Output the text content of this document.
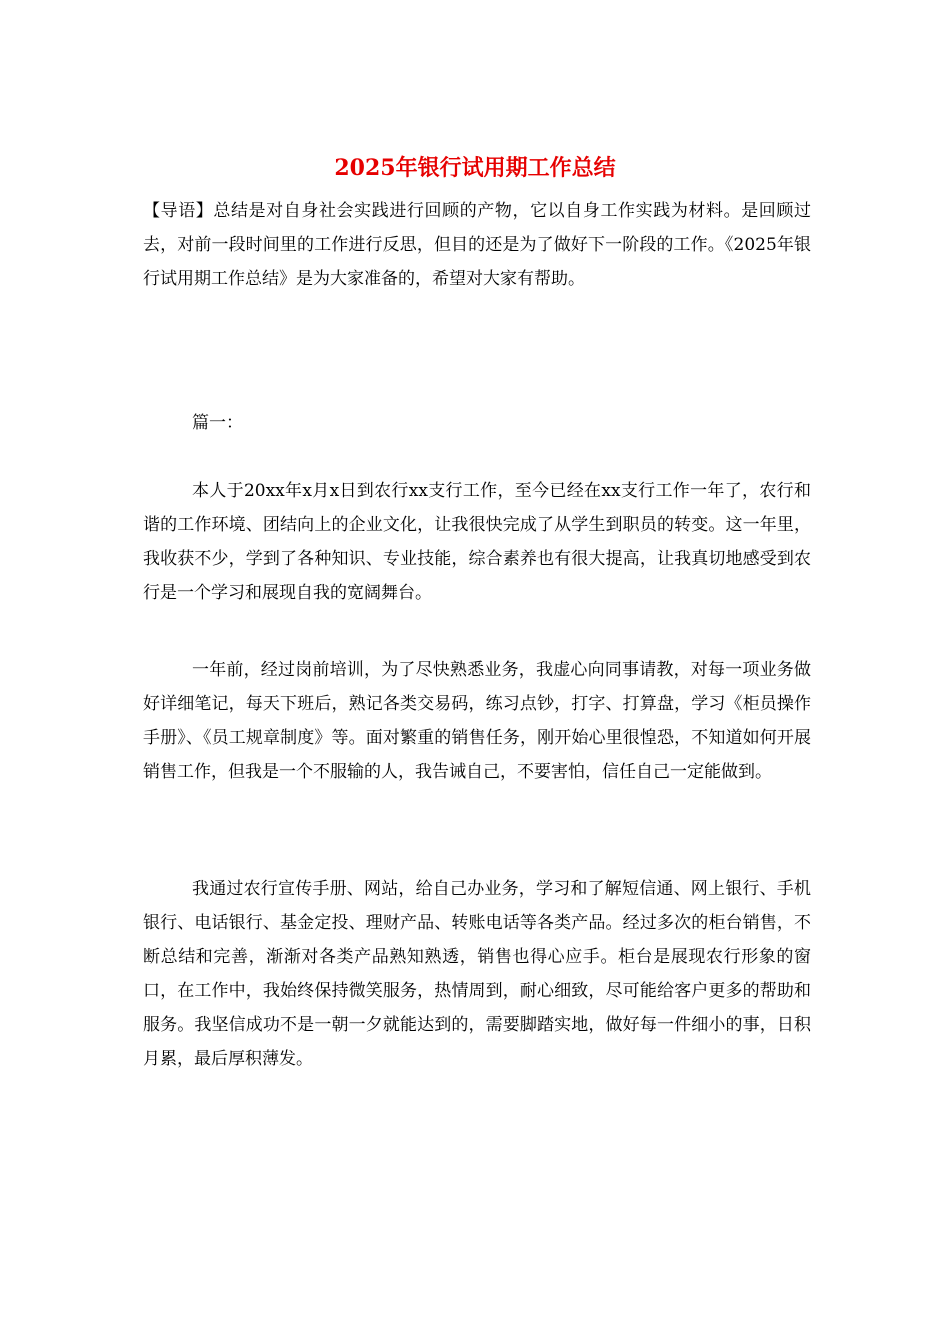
2025年银行试用期工作总结

【导语】总结是对自身社会实践进行回顾的产物，它以自身工作实践为材料。是回顾过去，对前一段时间里的工作进行反思，但目的还是为了做好下一阶段的工作。《2025年银行试用期工作总结》是为大家准备的，希望对大家有帮助。

篇一：

本人于20xx年x月x日到农行xx支行工作，至今已经在xx支行工作一年了，农行和谐的工作环境、团结向上的企业文化，让我很快完成了从学生到职员的转变。这一年里，我收获不少，学到了各种知识、专业技能，综合素养也有很大提高，让我真切地感受到农行是一个学习和展现自我的宽阔舞台。

一年前，经过岗前培训，为了尽快熟悉业务，我虚心向同事请教，对每一项业务做好详细笔记，每天下班后，熟记各类交易码，练习点钞，打字、打算盘，学习《柜员操作手册》、《员工规章制度》等。面对繁重的销售任务，刚开始心里很惶恐，不知道如何开展销售工作，但我是一个不服输的人，我告诫自己，不要害怕，信任自己一定能做到。

我通过农行宣传手册、网站，给自己办业务，学习和了解短信通、网上银行、手机银行、电话银行、基金定投、理财产品、转账电话等各类产品。经过多次的柜台销售，不断总结和完善，渐渐对各类产品熟知熟透，销售也得心应手。柜台是展现农行形象的窗口，在工作中，我始终保持微笑服务，热情周到，耐心细致，尽可能给客户更多的帮助和服务。我坚信成功不是一朝一夕就能达到的，需要脚踏实地，做好每一件细小的事，日积月累，最后厚积薄发。
